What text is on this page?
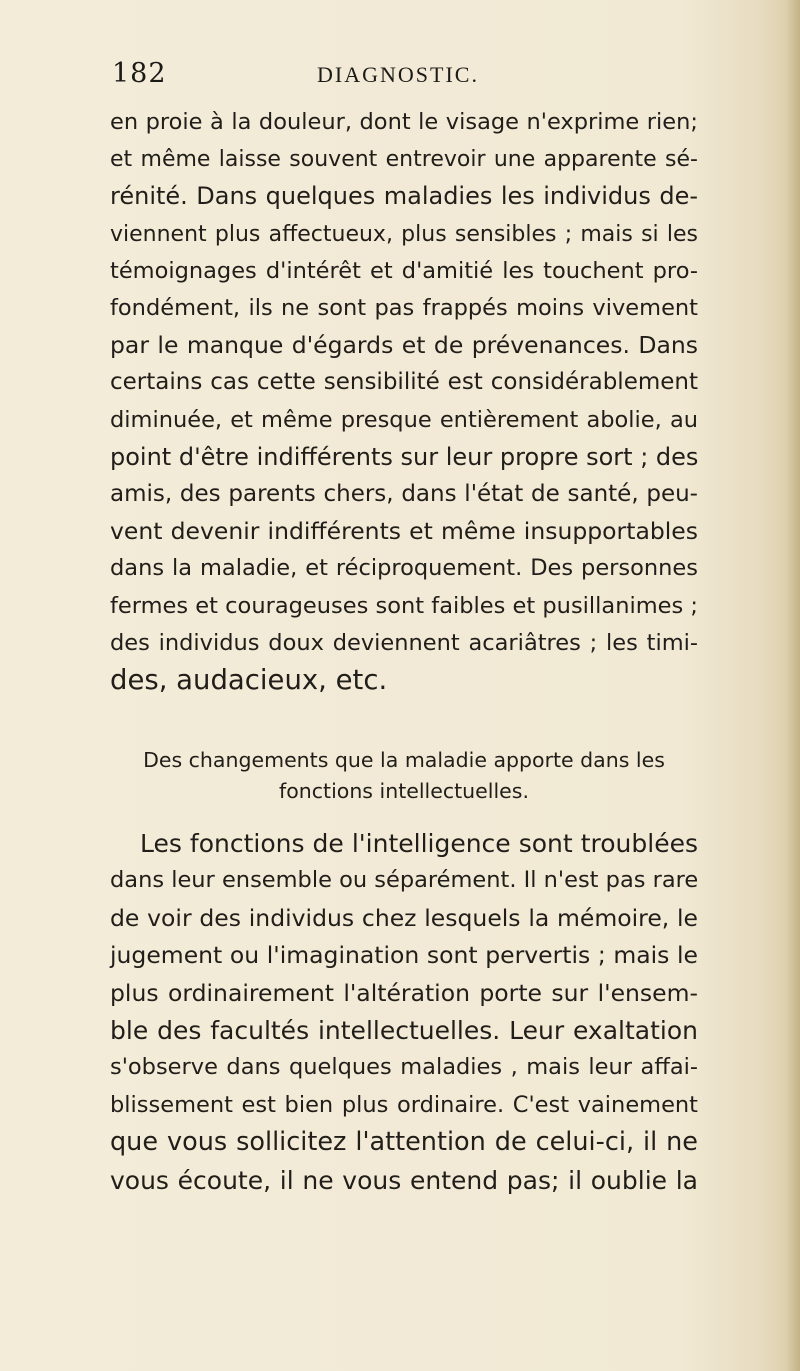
182	DIAGNOSTIC.
en proie à la douleur, dont le visage n'exprime rien;
et même laisse souvent entrevoir une apparente sé-
rénité. Dans quelques maladies les individus de-
viennent plus affectueux, plus sensibles ; mais si les
témoignages d'intérêt et d'amitié les touchent pro-
fondément, ils ne sont pas frappés moins vivement
par le manque d'égards et de prévenances. Dans
certains cas cette sensibilité est considérablement
diminuée, et même presque entièrement abolie, au
point d'être indifférents sur leur propre sort ; des
amis, des parents chers, dans l'état de santé, peu-
vent devenir indifférents et même insupportables
dans la maladie, et réciproquement. Des personnes
fermes et courageuses sont faibles et pusillanimes ;
des individus doux deviennent acariâtres ; les timi-
des, audacieux, etc.
Des changements que la maladie apporte dans les
fonctions intellectuelles.
Les fonctions de l'intelligence sont troublées
dans leur ensemble ou séparément. Il n'est pas rare
de voir des individus chez lesquels la mémoire, le
jugement ou l'imagination sont pervertis ; mais le
plus ordinairement l'altération porte sur l'ensem-
ble des facultés intellectuelles. Leur exaltation
s'observe dans quelques maladies , mais leur affai-
blissement est bien plus ordinaire. C'est vainement
que vous sollicitez l'attention de celui-ci, il ne
vous écoute, il ne vous entend pas; il oublie la
